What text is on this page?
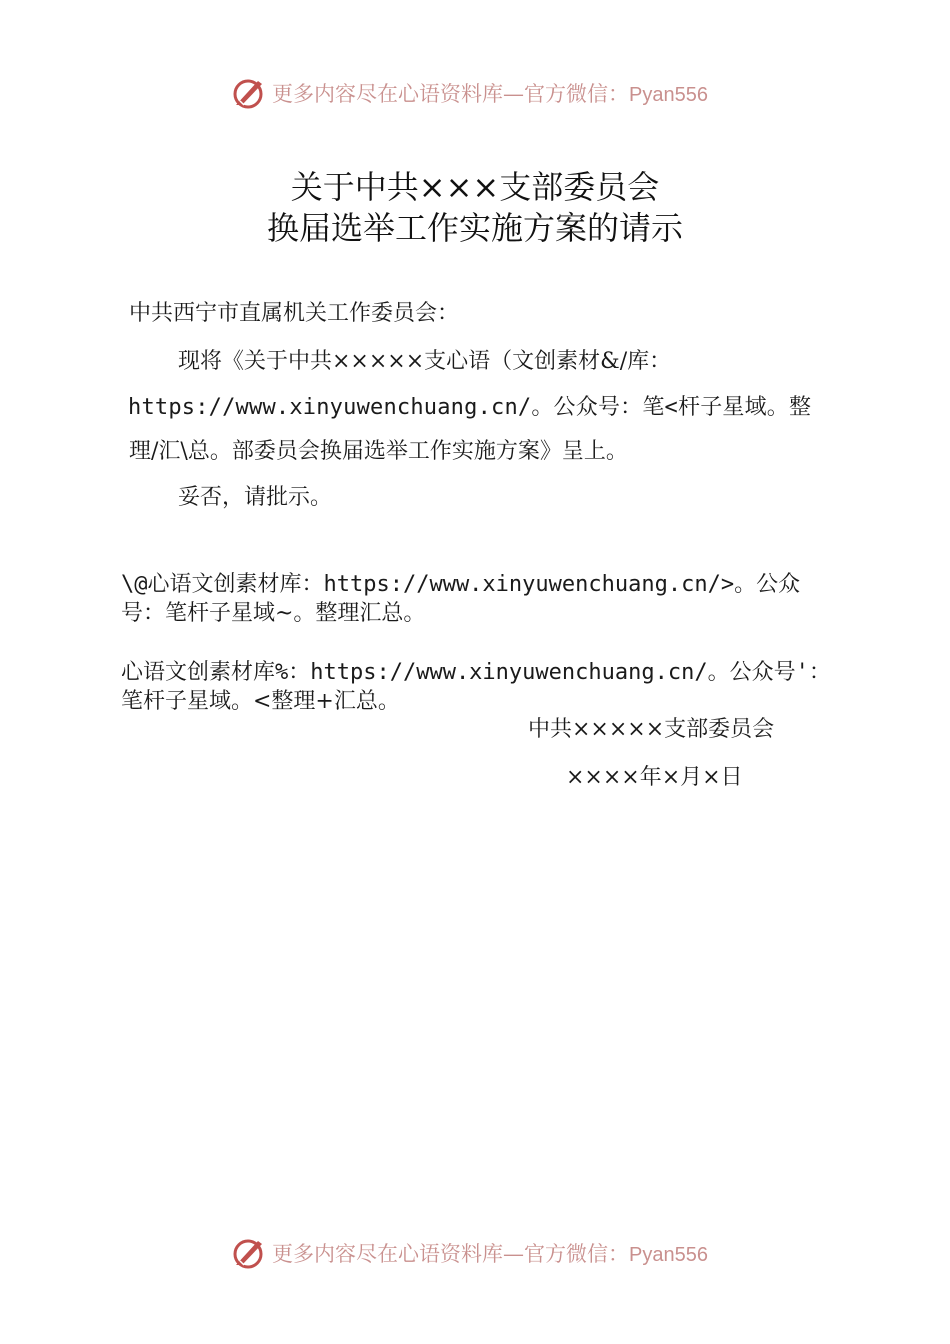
更多内容尽在心语资料库—官方微信：Pyan556
关于中共×××支部委员会
换届选举工作实施方案的请示
中共西宁市直属机关工作委员会：
现将《关于中共×××××支心语（文创素材&/库：
https://www.xinyuwenchuang.cn/。公众号：笔<杆子星域。整
理/汇\总。部委员会换届选举工作实施方案》呈上。
妥否，请批示。
\@心语文创素材库：https://www.xinyuwenchuang.cn/>。公众
号：笔杆子星域~。整理汇总。
心语文创素材库%：https://www.xinyuwenchuang.cn/。公众号'：
笔杆子星域。<整理+汇总。
中共×××××支部委员会
××××年×月×日
更多内容尽在心语资料库—官方微信：Pyan556
